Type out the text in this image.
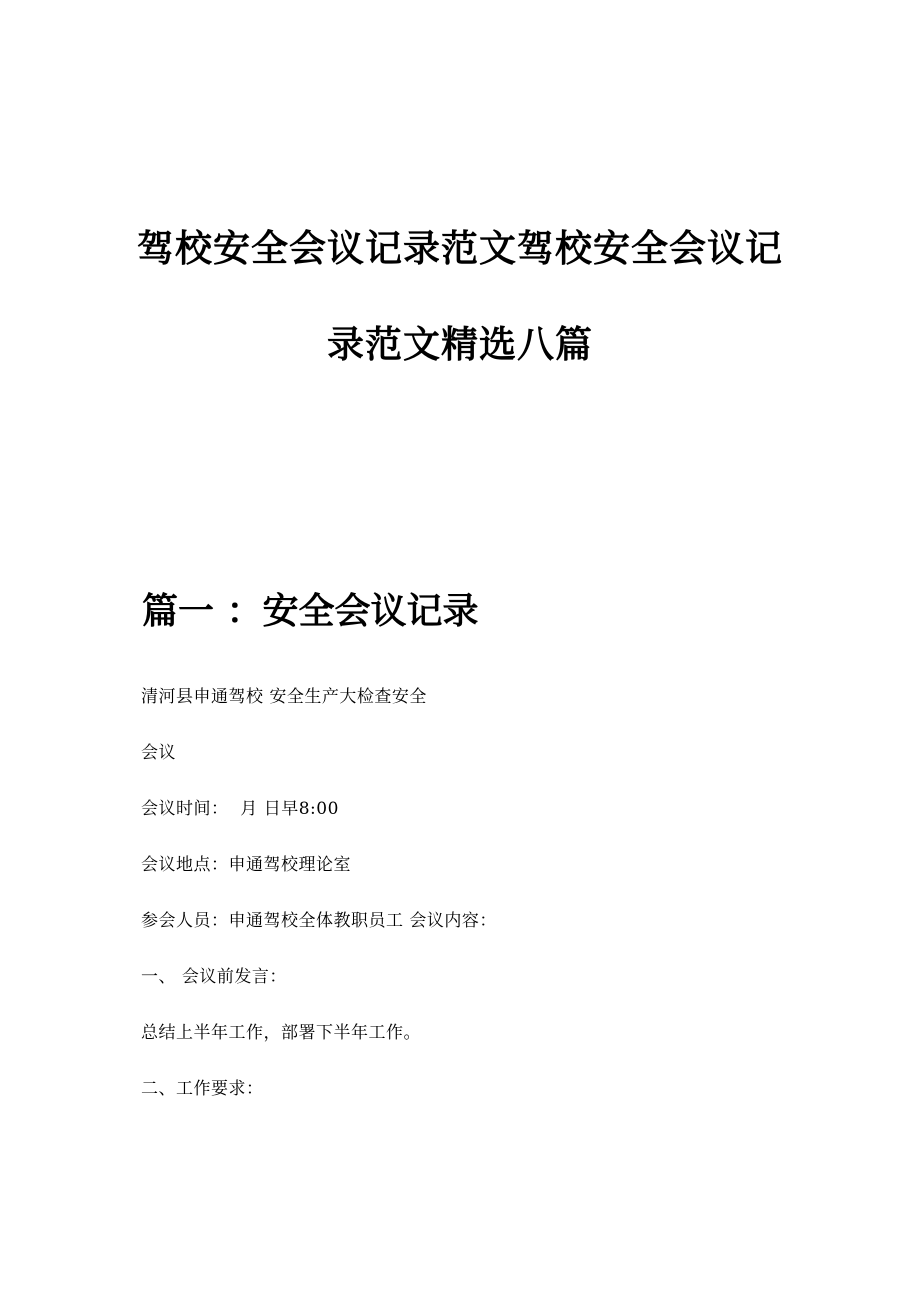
驾校安全会议记录范文驾校安全会议记
录范文精选八篇
篇一 ：安全会议记录

清河县申通驾校 安全生产大检查安全

会议

会议时间：  月 日早8:00

会议地点：申通驾校理论室

参会人员：申通驾校全体教职员工 会议内容：

一、 会议前发言：

总结上半年工作，部署下半年工作。

二、工作要求：
